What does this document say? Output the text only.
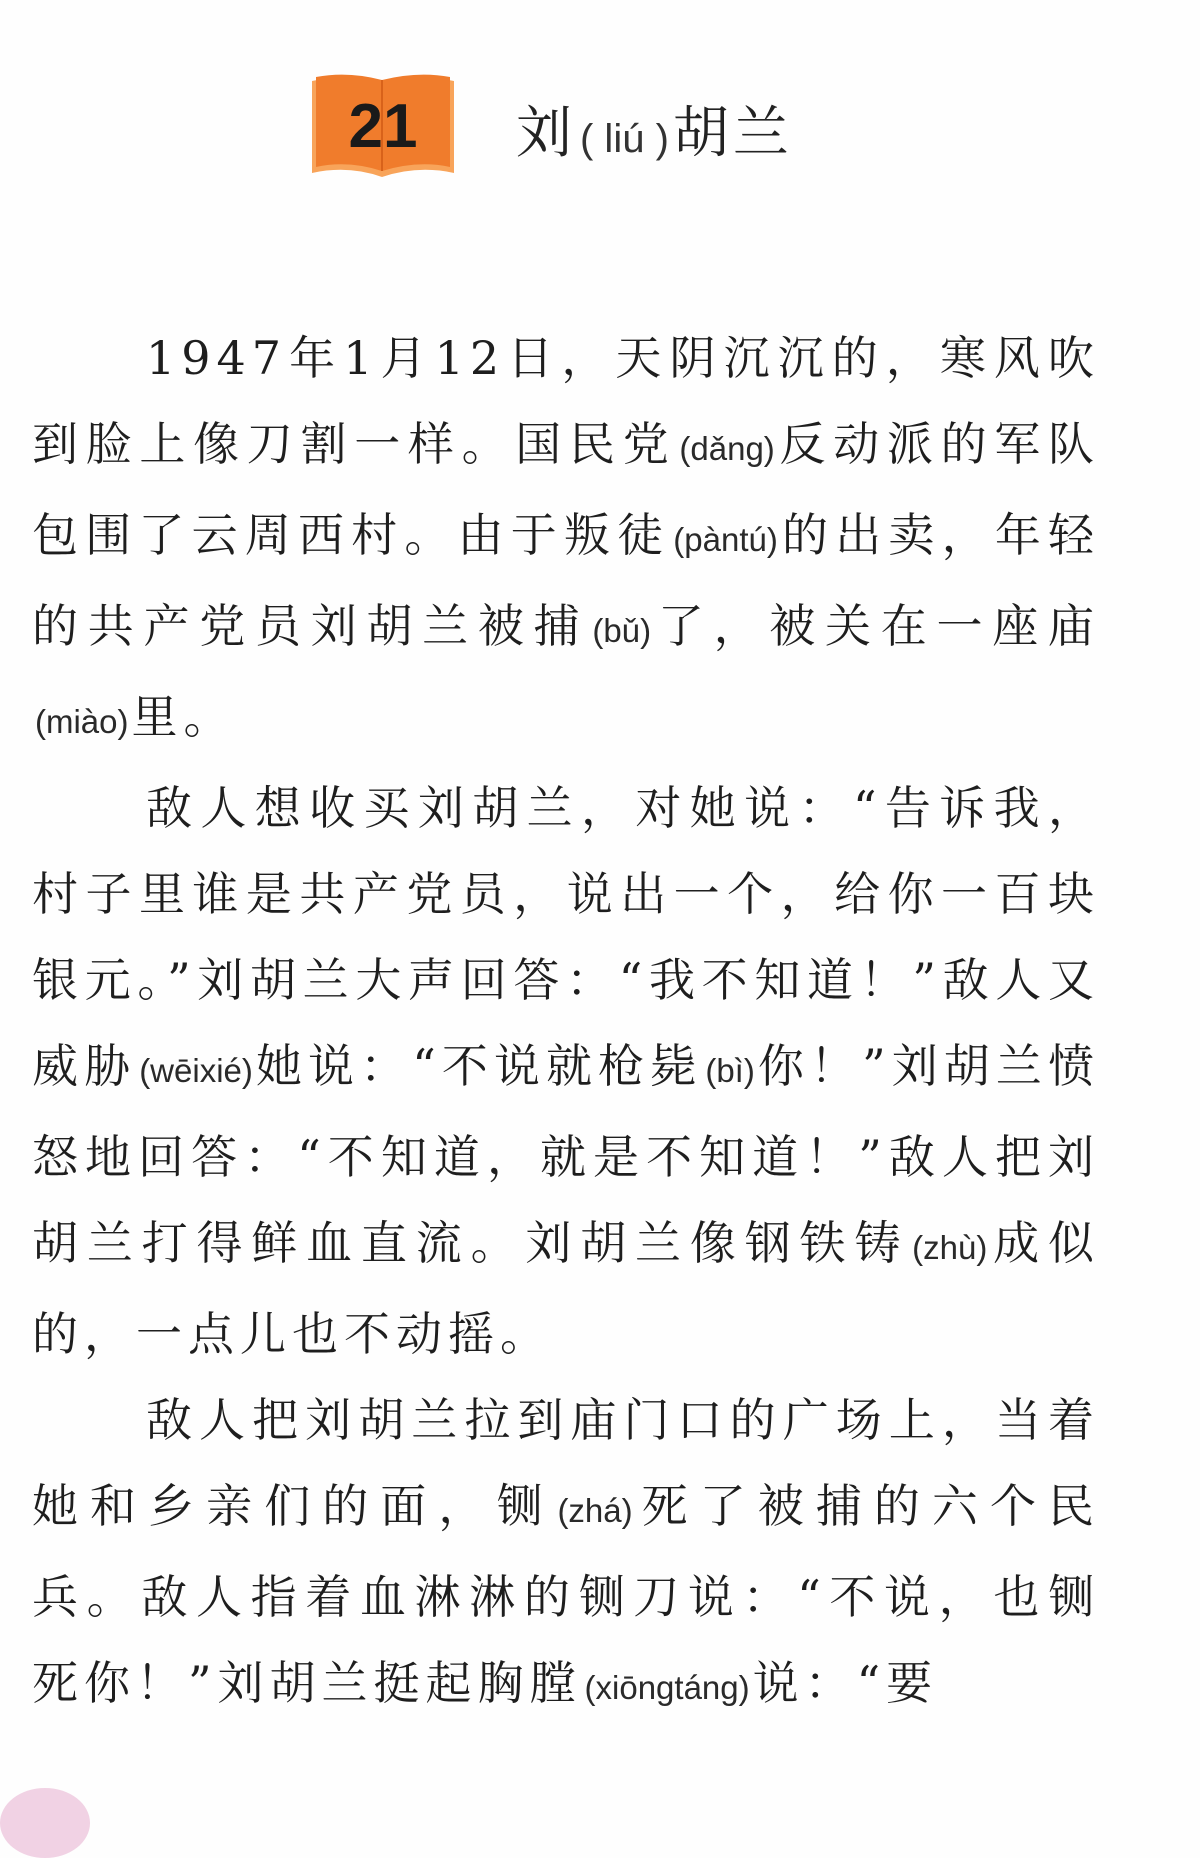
21	刘 ( liú ) 胡兰

1947年1月12日，天阴沉沉的，寒风吹到脸上像刀割一样。国民党(dǎng)反动派的军队包围了云周西村。由于叛徒(pàntú)的出卖，年轻的共产党员刘胡兰被捕(bǔ)了，被关在一座庙(miào)里。

敌人想收买刘胡兰，对她说：“告诉我，村子里谁是共产党员，说出一个，给你一百块银元。”刘胡兰大声回答：“我不知道！”敌人又威胁(wēixié)她说：“不说就枪毙(bì)你！”刘胡兰愤怒地回答：“不知道，就是不知道！”敌人把刘胡兰打得鲜血直流。刘胡兰像钢铁铸(zhù)成似的，一点儿也不动摇。

敌人把刘胡兰拉到庙门口的广场上，当着她和乡亲们的面，铡(zhá)死了被捕的六个民兵。敌人指着血淋淋的铡刀说：“不说，也铡死你！”刘胡兰挺起胸膛(xiōngtáng)说：“要
